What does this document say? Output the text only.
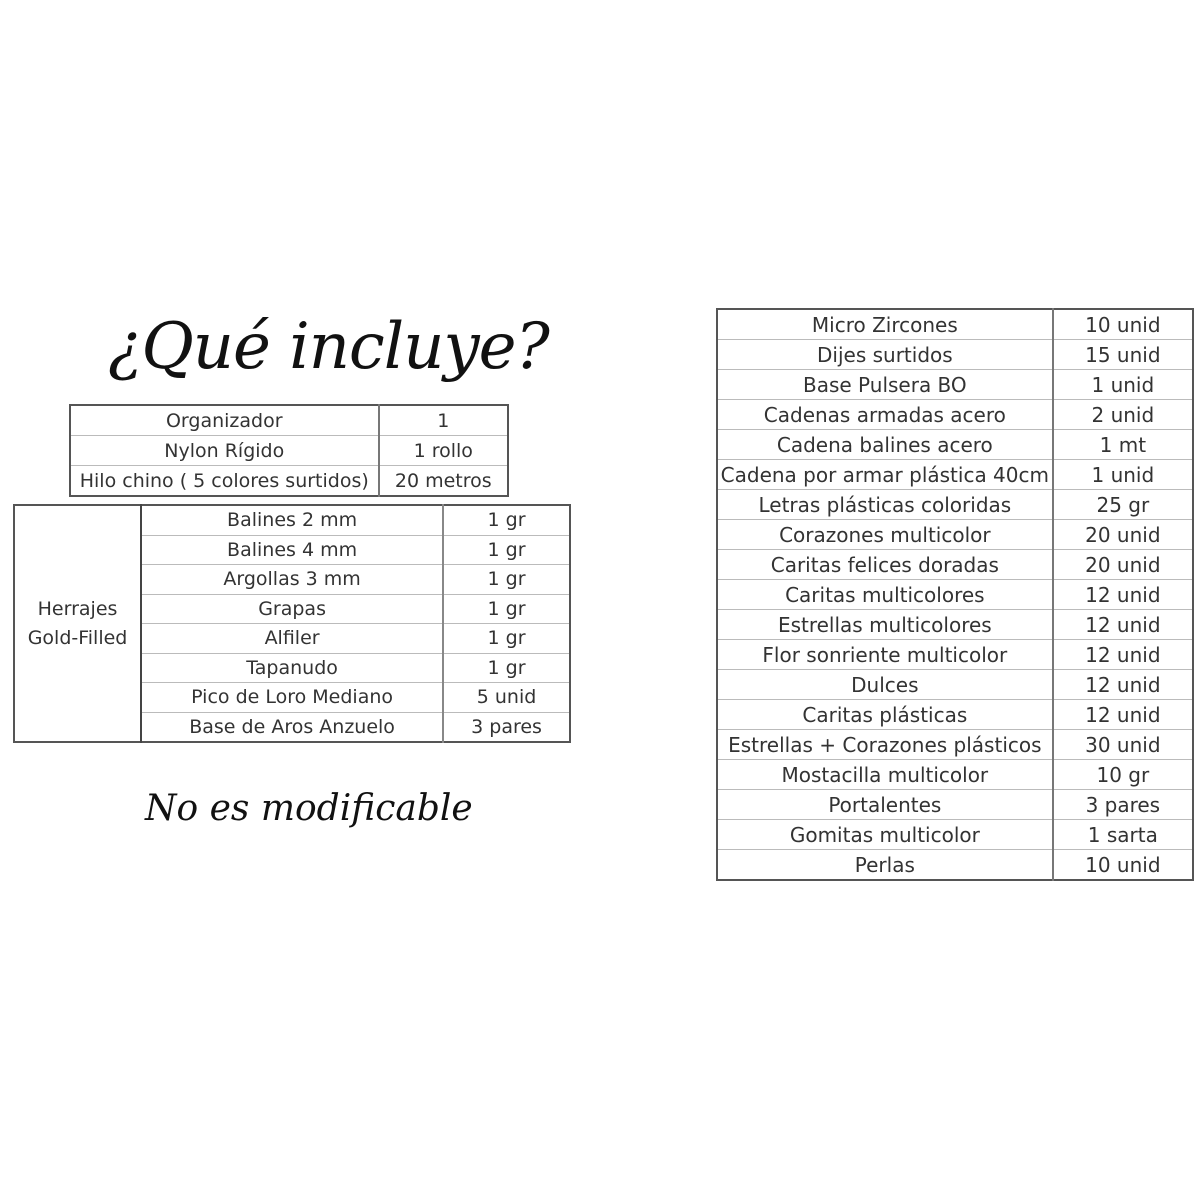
¿Qué incluye?
Organizador	1
Nylon Rígido	1 rollo
Hilo chino ( 5 colores surtidos)	20 metros
Herrajes
Gold-Filled	Balines 2 mm	1 gr
	Balines 4 mm	1 gr
	Argollas 3 mm	1 gr
	Grapas	1 gr
	Alfiler	1 gr
	Tapanudo	1 gr
	Pico de Loro Mediano	5 unid
	Base de Aros Anzuelo	3 pares
No es modificable
Micro Zircones	10 unid
Dijes surtidos	15 unid
Base Pulsera BO	1 unid
Cadenas armadas acero	2 unid
Cadena balines acero	1 mt
Cadena por armar plástica 40cm	1 unid
Letras plásticas coloridas	25 gr
Corazones multicolor	20 unid
Caritas felices doradas	20 unid
Caritas multicolores	12 unid
Estrellas multicolores	12 unid
Flor sonriente multicolor	12 unid
Dulces	12 unid
Caritas plásticas	12 unid
Estrellas + Corazones plásticos	30 unid
Mostacilla multicolor	10 gr
Portalentes	3 pares
Gomitas multicolor	1 sarta
Perlas	10 unid
